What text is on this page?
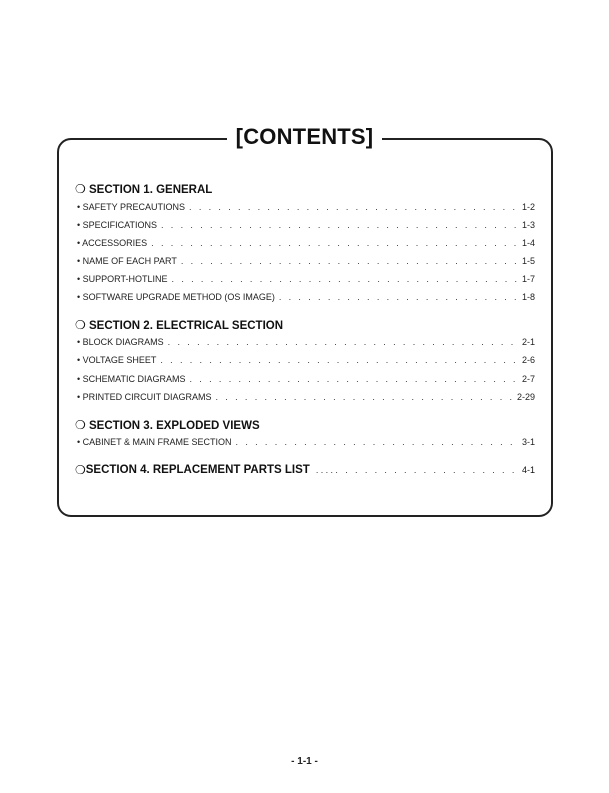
[CONTENTS]
❍ SECTION 1. GENERAL
• SAFETY PRECAUTIONS . . .	1-2
• SPECIFICATIONS . . .	1-3
• ACCESSORIES . . .	1-4
• NAME OF EACH PART . . .	1-5
• SUPPORT-HOTLINE . . .	1-7
• SOFTWARE UPGRADE METHOD (OS IMAGE) . . .	1-8
❍ SECTION 2. ELECTRICAL SECTION
• BLOCK DIAGRAMS . . .	2-1
• VOLTAGE SHEET . . .	2-6
• SCHEMATIC DIAGRAMS . . .	2-7
• PRINTED CIRCUIT DIAGRAMS . . .	2-29
❍ SECTION 3. EXPLODED VIEWS
• CABINET & MAIN FRAME SECTION . . .	3-1
❍ SECTION 4. REPLACEMENT PARTS LIST .....	4-1
- 1-1 -
